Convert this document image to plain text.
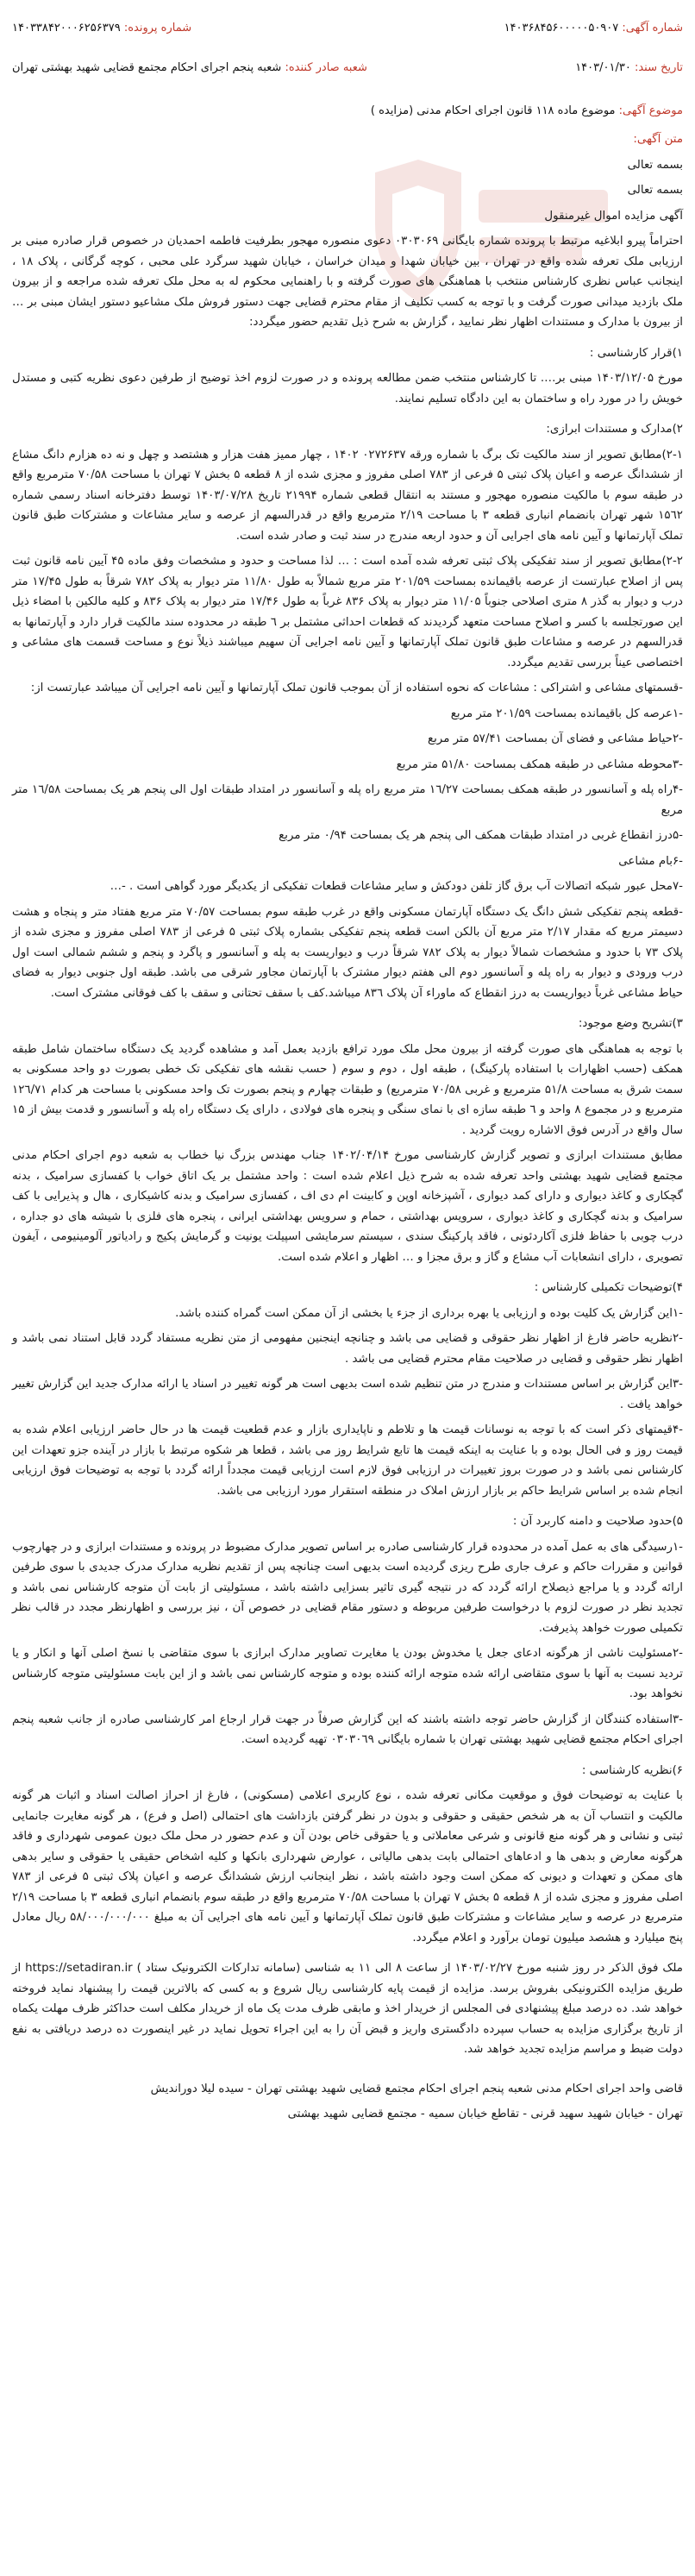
شماره آگهی: ۱۴۰۳۶۸۴۵۶۰۰۰۰۰۵۰۹۰۷
شماره پرونده: ۱۴۰۳۳۸۴۲۰۰۰۶۲۵۶۳۷۹
تاریخ سند: ۱۴۰۳/۰۱/۳۰
شعبه صادر کننده: شعبه پنجم اجرای احکام مجتمع قضایی شهید بهشتی تهران
موضوع آگهی: موضوع ماده ۱۱۸ قانون اجرای احکام مدنی (مزایده )

متن آگهی:

بسمه تعالی

بسمه تعالی

آگهی مزایده اموال غیرمنقول

احتراماً پیرو ابلاغیه مرتبط با پرونده شماره بایگانی ۰۳۰۳۰۶۹ دعوی منصوره مهجور بطرفیت فاطمه احمدیان در خصوص قرار صادره مبنی بر ارزیابی ملک تعرفه شده واقع در تهران ، بین خیابان شهدا و میدان خراسان ، خیابان شهید سرگرد علی محبی ، کوچه گرگانی ، پلاک ۱۸ ، اینجانب عباس نظری کارشناس منتخب با هماهنگی های صورت گرفته و با راهنمایی محکوم له به محل ملک تعرفه شده مراجعه و از بیرون ملک بازدید میدانی صورت گرفت و با توجه به کسب تکلیف از مقام محترم قضایی جهت دستور فروش ملک مشاعیو دستور ایشان مبنی بر … از بیرون با مدارک و مستندات اظهار نظر نمایید ، گزارش به شرح ذیل تقدیم حضور میگردد:

۱)قرار کارشناسی :

مورخ ۱۴۰۳/۱۲/۰۵ مبنی بر…. تا کارشناس منتخب ضمن مطالعه پرونده و در صورت لزوم اخذ توضیح از طرفین دعوی نظریه کتبی و مستدل خویش را در مورد راه و ساختمان به این دادگاه تسلیم نمایند.

۲)مدارک و مستندات ابرازی:

۲-۱)مطابق تصویر از سند مالکیت تک برگ با شماره ورقه ۰۲۷۲۶۳۷ ۱۴۰۲ ، چهار ممیز هفت هزار و هشتصد و چهل و نه ده هزارم دانگ مشاع از ششدانگ عرصه و اعیان پلاک ثبتی ۵ فرعی از ۷۸۳ اصلی مفروز و مجزی شده از ۸ قطعه ۵ بخش ۷ تهران با مساحت ۷۰/۵۸ مترمربع واقع در طبقه سوم با مالکیت منصوره مهجور و مستند به انتقال قطعی شماره ۲۱۹۹۴ تاریخ ۱۴۰۳/۰۷/۲۸ توسط دفترخانه اسناد رسمی شماره ۱۵٦۲ شهر تهران بانضمام انباری قطعه ۳ با مساحت ۲/۱۹ مترمربع واقع در قدرالسهم از عرصه و سایر مشاعات و مشترکات طبق قانون تملک آپارتمانها و آیین نامه های اجرایی آن و حدود اربعه مندرج در سند ثبت و صادر شده است.

۲-۲)مطابق تصویر از سند تفکیکی پلاک ثبتی تعرفه شده آمده است : … لذا مساحت و حدود و مشخصات وفق ماده ۴۵ آیین نامه قانون ثبت پس از اصلاح عبارتست از عرصه باقیمانده بمساحت ۲۰۱/۵۹ متر مربع شمالاً به طول ۱۱/۸۰ متر دیوار به پلاک ۷۸۲ شرقاً به طول ۱۷/۴۵ متر درب و دیوار به گذر ۸ متری اصلاحی جنوباً ۱۱/۰۵ متر دیوار به پلاک ۸۳۶ غرباً به طول ۱۷/۴۶ متر دیوار به پلاک ۸۳۶ و کلیه مالکین با امضاء ذیل این صورتجلسه با کسر و اصلاح مساحت متعهد گردیدند که قطعات احداثی مشتمل بر ٦ طبقه در محدوده سند مالکیت قرار دارد و آپارتمانها به قدرالسهم در عرصه و مشاعات طبق قانون تملک آپارتمانها و آیین نامه اجرایی آن سهیم میباشند ذیلاً نوع و مساحت قسمت های مشاعی و اختصاصی عیناً بررسی تقدیم میگردد.

-قسمتهای مشاعی و اشتراکی : مشاعات که نحوه استفاده از آن بموجب قانون تملک آپارتمانها و آیین نامه اجرایی آن میباشد عبارتست از:

-۱عرصه کل باقیمانده بمساحت ۲۰۱/۵۹ متر مربع

-۲حیاط مشاعی و فضای آن بمساحت ۵۷/۴۱ متر مربع

-۳محوطه مشاعی در طبقه همکف بمساحت ۵۱/۸۰ متر مربع

-۴راه پله و آسانسور در طبقه همکف بمساحت ۱٦/۲۷ متر مربع راه پله و آسانسور در امتداد طبقات اول الی پنجم هر یک بمساحت ۱٦/۵۸ متر مربع

-۵درز انقطاع غربی در امتداد طبقات همکف الی پنجم هر یک بمساحت ۰/۹۴ متر مربع

-۶بام مشاعی

-۷محل عبور شبکه اتصالات آب برق گاز تلفن دودکش و سایر مشاعات قطعات تفکیکی از یکدیگر مورد گواهی است . -…

-قطعه پنجم تفکیکی شش دانگ یک دستگاه آپارتمان مسکونی واقع در غرب طبقه سوم بمساحت ۷۰/۵۷ متر مربع هفتاد متر و پنجاه و هشت دسیمتر مربع که مقدار ۲/۱۷ متر مربع آن بالکن است قطعه پنجم تفکیکی بشماره پلاک ثبتی ۵ فرعی از ۷۸۳ اصلی مفروز و مجزی شده از پلاک ۷۳ با حدود و مشخصات شمالاً دیوار به پلاک ۷۸۲ شرقاً درب و دیواریست به پله و آسانسور و پاگرد و پنجم و ششم شمالی است اول درب ورودی و دیوار به راه پله و آسانسور دوم الی هفتم دیوار مشترک با آپارتمان مجاور شرقی می باشد. طبقه اول جنوبی دیوار به فضای حیاط مشاعی غرباً دیواریست به درز انقطاع که ماوراء آن پلاک ۸۳٦ میباشد.کف با سقف تحتانی و سقف با کف فوقانی مشترک است.

۳)تشریح وضع موجود:

با توجه به هماهنگی های صورت گرفته از بیرون محل ملک مورد ترافع بازدید بعمل آمد و مشاهده گردید یک دستگاه ساختمان شامل طبقه همکف (حسب اظهارات با استفاده پارکینگ) ، طبقه اول ، دوم و سوم ( حسب نقشه های تفکیکی تک خطی بصورت دو واحد مسکونی به سمت شرق به مساحت ۵۱/۸ مترمربع و غربی ۷۰/۵۸ مترمربع) و طبقات چهارم و پنجم بصورت تک واحد مسکونی با مساحت هر کدام ۱۲٦/۷۱ مترمربع و در مجموع ۸ واحد و ٦ طبقه سازه ای با نمای سنگی و پنجره های فولادی ، دارای یک دستگاه راه پله و آسانسور و قدمت بیش از ۱۵ سال واقع در آدرس فوق الاشاره رویت گردید .

مطابق مستندات ابرازی و تصویر گزارش کارشناسی مورخ ۱۴۰۲/۰۴/۱۴ جناب مهندس بزرگ نیا خطاب به شعبه دوم اجرای احکام مدنی مجتمع قضایی شهید بهشتی واحد تعرفه شده به شرح ذیل اعلام شده است : واحد مشتمل بر یک اتاق خواب با کفسازی سرامیک ، بدنه گچکاری و کاغذ دیواری و دارای کمد دیواری ، آشپزخانه اوپن و کابینت ام دی اف ، کفسازی سرامیک و بدنه کاشیکاری ، هال و پذیرایی با کف سرامیک و بدنه گچکاری و کاغذ دیواری ، سرویس بهداشتی ، حمام و سرویس بهداشتی ایرانی ، پنجره های فلزی با شیشه های دو جداره ، درب چوبی با حفاظ فلزی آکاردئونی ، فاقد پارکینگ سندی ، سیستم سرمایشی اسپیلت یونیت و گرمایش پکیج و رادیاتور آلومینیومی ، آیفون تصویری ، دارای انشعابات آب مشاع و گاز و برق مجزا و … اظهار و اعلام شده است.

۴)توضیحات تکمیلی کارشناس :

-۱این گزارش یک کلیت بوده و ارزیابی یا بهره برداری از جزء یا بخشی از آن ممکن است گمراه کننده باشد.

-۲نظریه حاضر فارغ از اظهار نظر حقوقی و قضایی می باشد و چنانچه اینجنین مفهومی از متن نظریه مستفاد گردد قابل استناد نمی باشد و اظهار نظر حقوقی و قضایی در صلاحیت مقام محترم قضایی می باشد .

-۳این گزارش بر اساس مستندات و مندرج در متن تنظیم شده است بدیهی است هر گونه تغییر در اسناد یا ارائه مدارک جدید این گزارش تغییر خواهد یافت .

-۴قیمتهای ذکر است که با توجه به نوسانات قیمت ها و تلاطم و ناپایداری بازار و عدم قطعیت قیمت ها در حال حاضر ارزیابی اعلام شده به قیمت روز و فی الحال بوده و با عنایت به اینکه قیمت ها تابع شرایط روز می باشد ، قطعا هر شکوه مرتبط با بازار در آینده جزو تعهدات این کارشناس نمی باشد و در صورت بروز تغییرات در ارزیابی فوق لازم است ارزیابی قیمت مجدداً ارائه گردد با توجه به توضیحات فوق ارزیابی انجام شده بر اساس شرایط حاکم بر بازار ارزش املاک در منطقه استقرار مورد ارزیابی می باشد.

۵)حدود صلاحیت و دامنه کاربرد آن :

-۱رسیدگی های به عمل آمده در محدوده قرار کارشناسی صادره بر اساس تصویر مدارک مضبوط در پرونده و مستندات ابرازی و در چهارچوب قوانین و مقررات حاکم و عرف جاری طرح ریزی گردیده است بدیهی است چنانچه پس از تقدیم نظریه مدارک مدرک جدیدی با سوی طرفین ارائه گردد و یا مراجع ذیصلاح ارائه گردد که در نتیجه گیری تاثیر بسزایی داشته باشد ، مسئولیتی از بابت آن متوجه کارشناس نمی باشد و تجدید نظر در صورت لزوم با درخواست طرفین مربوطه و دستور مقام قضایی در خصوص آن ، نیز بررسی و اظهارنظر مجدد در قالب نظر تکمیلی صورت خواهد پذیرفت.

-۲مسئولیت ناشی از هرگونه ادعای جعل یا مخدوش بودن یا مغایرت تصاویر مدارک ابرازی با سوی متقاضی با نسخ اصلی آنها و انکار و یا تردید نسبت به آنها با سوی متقاضی ارائه شده متوجه ارائه کننده بوده و متوجه کارشناس نمی باشد و از این بابت مسئولیتی متوجه کارشناس نخواهد بود.

-۳استفاده کنندگان از گزارش حاضر توجه داشته باشند که این گزارش صرفاً در جهت قرار ارجاع امر کارشناسی صادره از جانب شعبه پنجم اجرای احکام مجتمع قضایی شهید بهشتی تهران با شماره بایگانی ۰۳۰۳۰٦۹ تهیه گردیده است.

۶)نظریه کارشناسی :

با عنایت به توضیحات فوق و موقعیت مکانی تعرفه شده ، نوع کاربری اعلامی (مسکونی) ، فارغ از احراز اصالت اسناد و اثبات هر گونه مالکیت و انتساب آن به هر شخص حقیقی و حقوقی و بدون در نظر گرفتن بازداشت های احتمالی (اصل و فرع) ، هر گونه مغایرت جانمایی ثبتی و نشانی و هر گونه منع قانونی و شرعی معاملاتی و یا حقوقی خاص بودن آن و عدم حضور در محل ملک دیون عمومی شهرداری و فاقد هرگونه معارض و بدهی ها و ادعاهای احتمالی بابت بدهی مالیاتی ، عوارض شهرداری بانکها و کلیه اشخاص حقیقی یا حقوقی و سایر بدهی های ممکن و تعهدات و دیونی که ممکن است وجود داشته باشد ، نظر اینجانب ارزش ششدانگ عرصه و اعیان پلاک ثبتی ۵ فرعی از ۷۸۳ اصلی مفروز و مجزی شده از ۸ قطعه ۵ بخش ۷ تهران با مساحت ۷۰/۵۸ مترمربع واقع در طبقه سوم بانضمام انباری قطعه ۳ با مساحت ۲/۱۹ مترمربع در عرصه و سایر مشاعات و مشترکات طبق قانون تملک آپارتمانها و آیین نامه های اجرایی آن به مبلغ ۵۸/۰۰۰/۰۰۰/۰۰۰ ریال معادل پنج میلیارد و هشصد میلیون تومان برآورد و اعلام میگردد.

ملک فوق الذکر در روز شنبه مورخ ۱۴۰۳/۰۲/۲۷ از ساعت ۸ الی ۱۱ به شناسی (سامانه تدارکات الکترونیک ستاد ) https://setadiran.ir از طریق مزایده الکترونیکی بفروش برسد. مزایده از قیمت پایه کارشناسی ریال شروع و به کسی که بالاترین قیمت را پیشنهاد نماید فروخته خواهد شد. ده درصد مبلغ پیشنهادی فی المجلس از خریدار اخذ و مابقی ظرف مدت یک ماه از خریدار مکلف است حداکثر ظرف مهلت یکماه از تاریخ برگزاری مزایده به حساب سپرده دادگستری واریز و قبض آن را به این اجراء تحویل نماید در غیر اینصورت ده درصد دریافتی به نفع دولت ضبط و مراسم مزایده تجدید خواهد شد.

قاضی واحد اجرای احکام مدنی شعبه پنجم اجرای احکام مجتمع قضایی شهید بهشتی تهران - سیده لیلا دورانديش

تهران - خیابان شهید سهید قرنی - تقاطع خیابان سمیه - مجتمع قضایی شهید بهشتی
